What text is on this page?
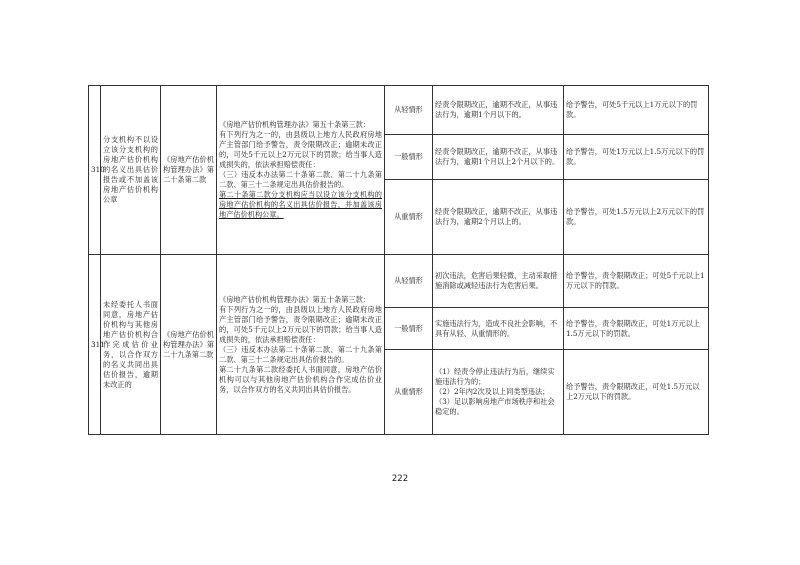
310	分支机构不以设立该分支机构的房地产估价机构的名义出具估价报告或不加盖该房地产估价机构公章	《房地产估价机构管理办法》第二十条第二款	《房地产估价机构管理办法》第五十条第三款：
有下列行为之一的，由县级以上地方人民政府房地产主管部门给予警告，责令限期改正；逾期未改正的，可处5千元以上2万元以下的罚款；给当事人造成损失的，依法承担赔偿责任：
（三）违反本办法第二十条第二款、第二十九条第二款、第三十二条规定出具估价报告的。
第二十条第二款分支机构应当以设立该分支机构的房地产估价机构的名义出具估价报告，并加盖该房地产估价机构公章。	从轻情形	经责令限期改正，逾期不改正，从事违法行为，逾期1个月以下的。	给予警告，可处5千元以上1万元以下的罚款。
				一般情形	经责令限期改正，逾期不改正，从事违法行为，逾期1个月以上2个月以下的。	给予警告，可处1万元以上1.5万元以下的罚款。
				从重情形	经责令限期改正，逾期不改正，从事违法行为，逾期2个月以上的。	给予警告，可处1.5万元以上2万元以下的罚款。
311	未经委托人书面同意，房地产估价机构与其他房地产估价机构合作完成估价业务，以合作双方的名义共同出具估价报告，逾期未改正的	《房地产估价机构管理办法》第二十九条第二款	《房地产估价机构管理办法》第五十条第三款：
有下列行为之一的，由县级以上地方人民政府房地产主管部门给予警告，责令限期改正；逾期未改正的，可处5千元以上2万元以下的罚款；给当事人造成损失的，依法承担赔偿责任：
（三）违反本办法第二十条第二款、第二十九条第二款、第三十二条规定出具估价报告的。
第二十九条第二款经委托人书面同意，房地产估价机构可以与其他房地产估价机构合作完成估价业务，以合作双方的名义共同出具估价报告。	从轻情形	初次违法，危害后果轻微，主动采取措施消除或减轻违法行为危害后果。	给予警告，责令限期改正；可处5千元以上1万元以下的罚款。
				一般情形	实施违法行为，造成不良社会影响，不具有从轻、从重情形的。	给予警告，责令限期改正，可处1万元以上1.5万元以下的罚款。
				从重情形	（1）经责令停止违法行为后，继续实施违法行为的；
（2）2年内2次及以上同类型违法；
（3）足以影响房地产市场秩序和社会稳定的。	给予警告，责令限期改正，可处1.5万元以上2万元以下的罚款。
222
